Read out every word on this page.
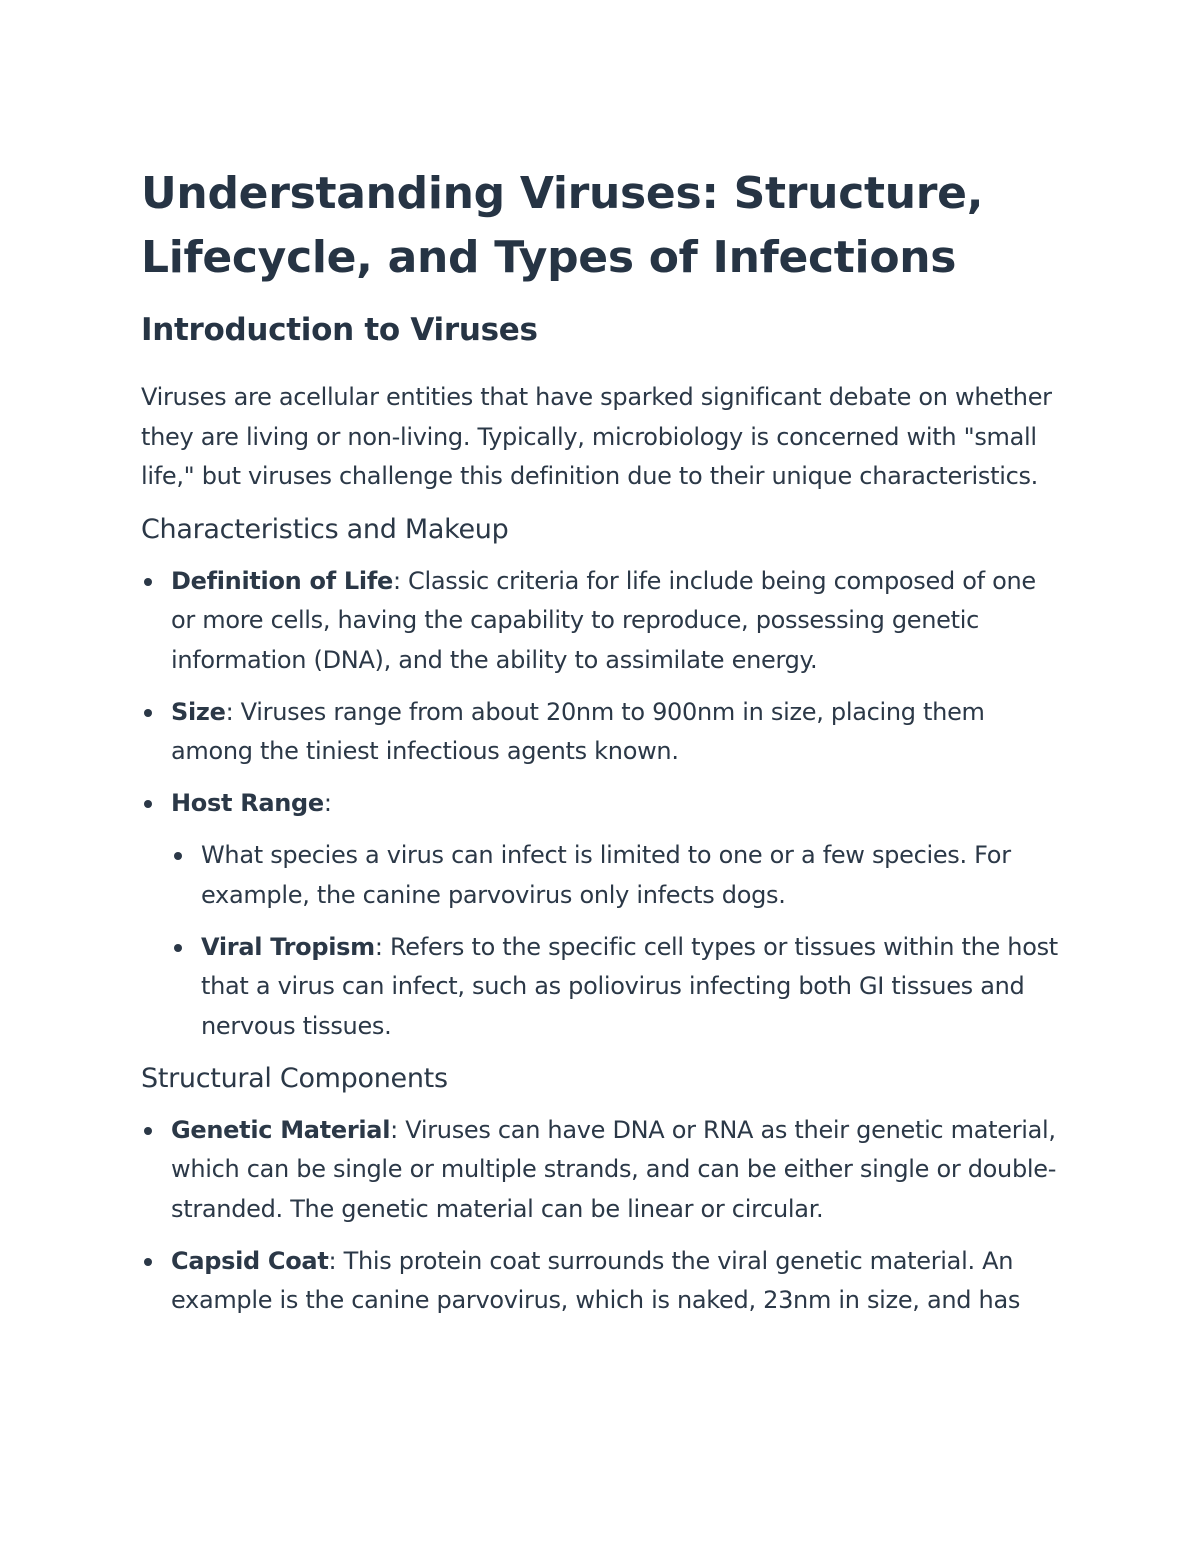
Understanding Viruses: Structure, Lifecycle, and Types of Infections
Introduction to Viruses

Viruses are acellular entities that have sparked significant debate on whether they are living or non-living. Typically, microbiology is concerned with "small life," but viruses challenge this definition due to their unique characteristics.

Characteristics and Makeup
Definition of Life: Classic criteria for life include being composed of one or more cells, having the capability to reproduce, possessing genetic information (DNA), and the ability to assimilate energy.
Size: Viruses range from about 20nm to 900nm in size, placing them among the tiniest infectious agents known.
Host Range:
What species a virus can infect is limited to one or a few species. For example, the canine parvovirus only infects dogs.
Viral Tropism: Refers to the specific cell types or tissues within the host that a virus can infect, such as poliovirus infecting both GI tissues and nervous tissues.
Structural Components
Genetic Material: Viruses can have DNA or RNA as their genetic material, which can be single or multiple strands, and can be either single or double-stranded. The genetic material can be linear or circular.
Capsid Coat: This protein coat surrounds the viral genetic material. An example is the canine parvovirus, which is naked, 23nm in size, and has
